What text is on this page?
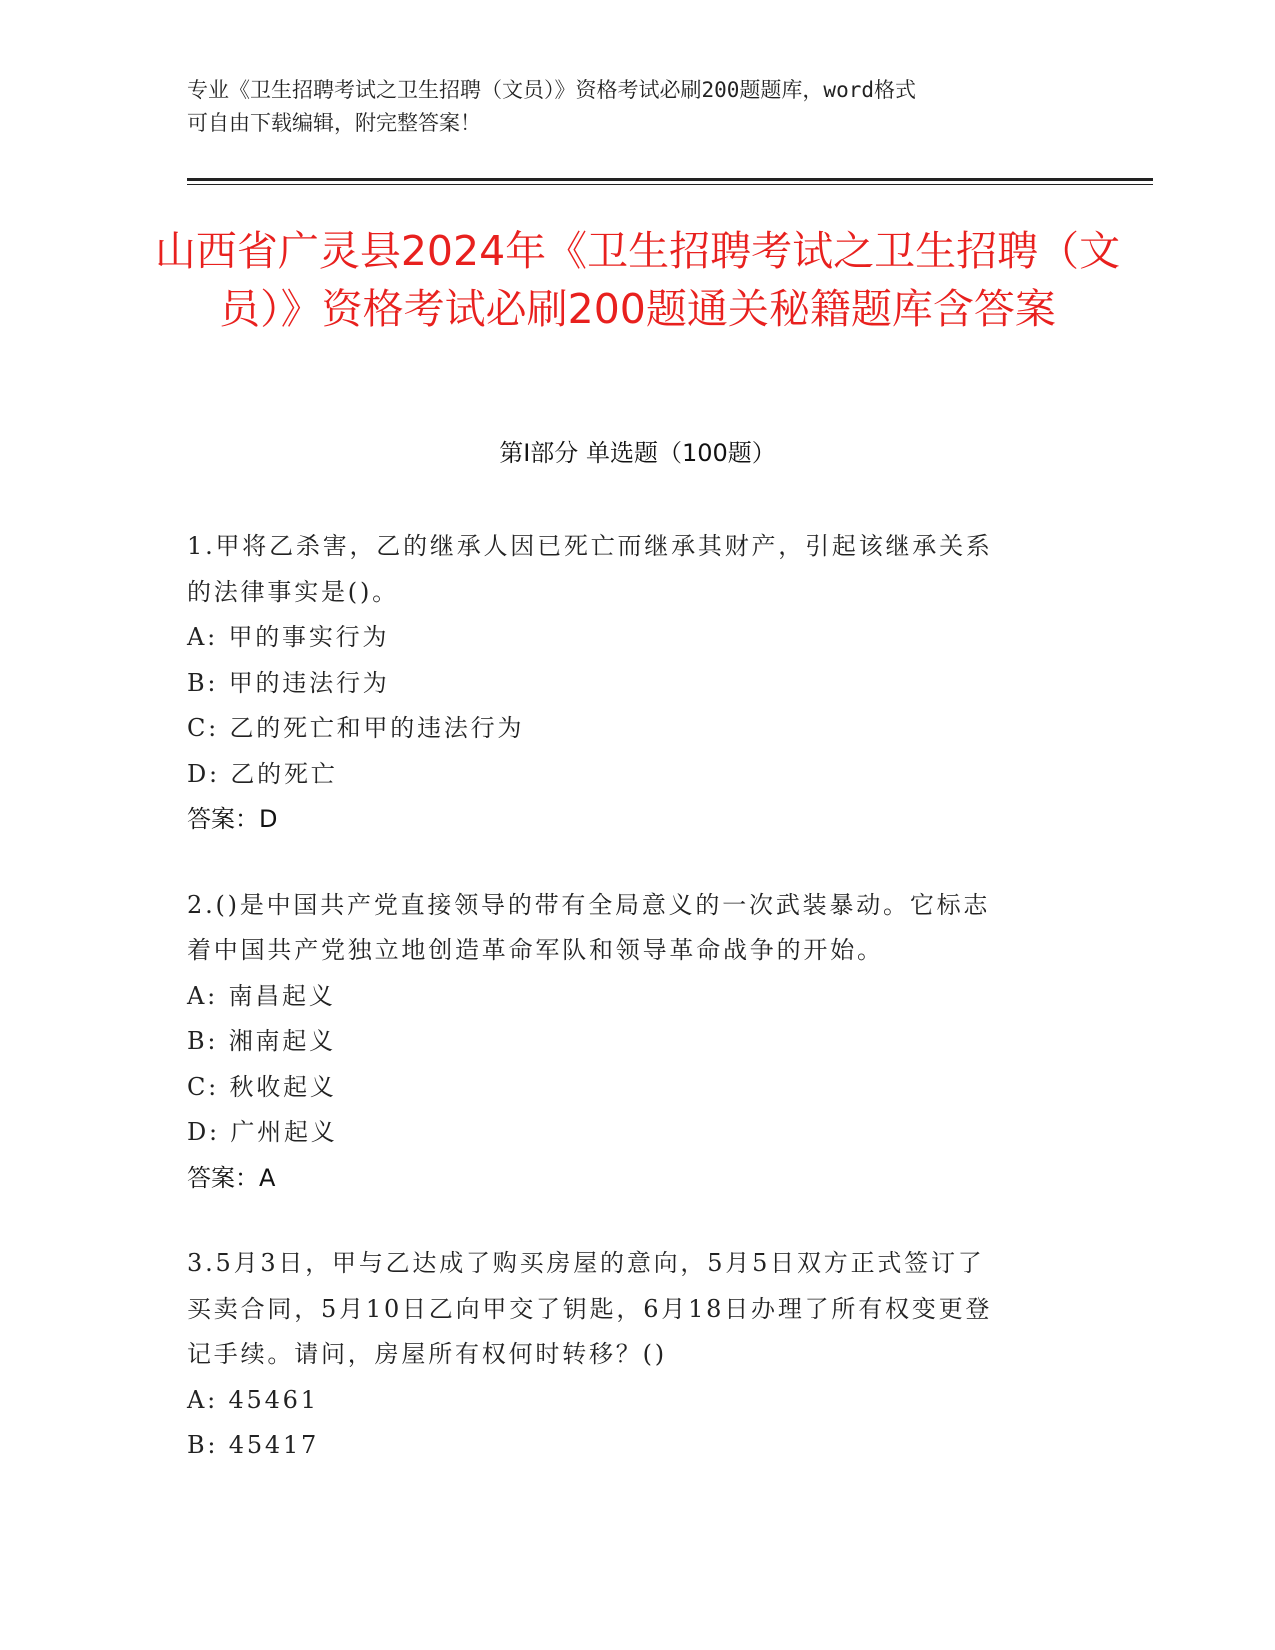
专业《卫生招聘考试之卫生招聘（文员）》资格考试必刷200题题库，word格式
可自由下载编辑，附完整答案！
山西省广灵县2024年《卫生招聘考试之卫生招聘（文员）》资格考试必刷200题通关秘籍题库含答案
第Ⅰ部分 单选题（100题）
1.甲将乙杀害，乙的继承人因已死亡而继承其财产，引起该继承关系
的法律事实是()。
A: 甲的事实行为
B: 甲的违法行为
C: 乙的死亡和甲的违法行为
D: 乙的死亡
答案：D
2.()是中国共产党直接领导的带有全局意义的一次武装暴动。它标志
着中国共产党独立地创造革命军队和领导革命战争的开始。
A: 南昌起义
B: 湘南起义
C: 秋收起义
D: 广州起义
答案：A
3.5月3日，甲与乙达成了购买房屋的意向，5月5日双方正式签订了
买卖合同，5月10日乙向甲交了钥匙，6月18日办理了所有权变更登
记手续。请问，房屋所有权何时转移？()
A: 45461
B: 45417
